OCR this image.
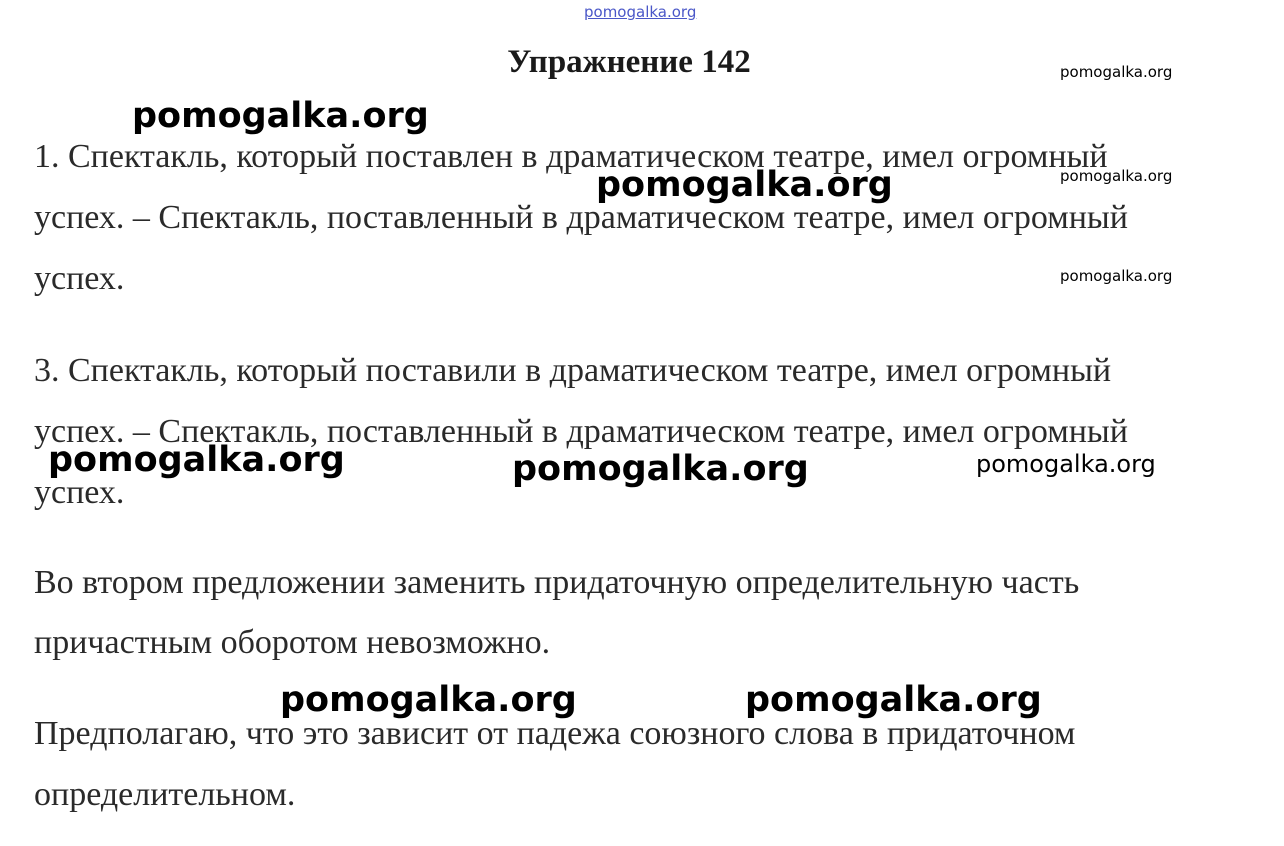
pomogalka.org
Упражнение 142
1. Спектакль, который поставлен в драматическом театре, имел огромный
успех. – Спектакль, поставленный в драматическом театре, имел огромный
успех.
3. Спектакль, который поставили в драматическом театре, имел огромный
успех. – Спектакль, поставленный в драматическом театре, имел огромный
успех.
Во втором предложении заменить придаточную определительную часть
причастным оборотом невозможно.
Предполагаю, что это зависит от падежа союзного слова в придаточном
определительном.
pomogalka.org
pomogalka.org
pomogalka.org	pomogalka.org
pomogalka.org
pomogalka.org	pomogalka.org	pomogalka.org
pomogalka.org	pomogalka.org
